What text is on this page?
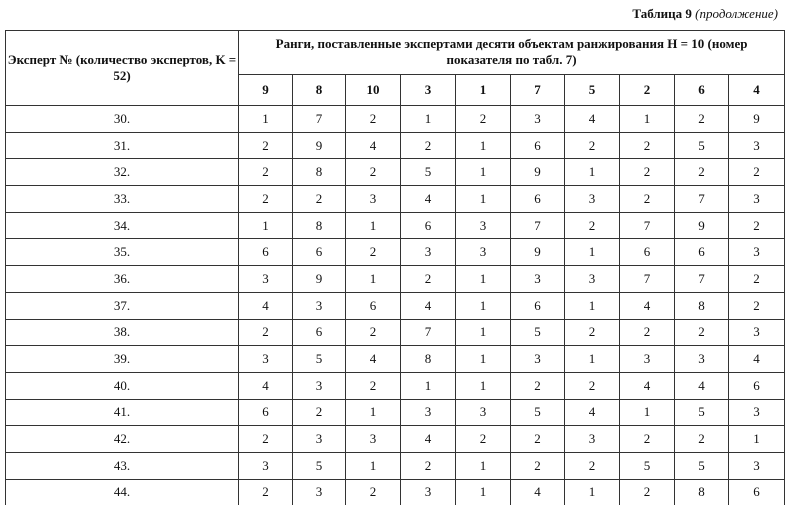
Таблица 9 (продолжение)
Эксперт № (количество экспертов, K = 52)	Ранги, поставленные экспертами десяти объектам ранжирования H = 10 (номер показателя по табл. 7)									
	9	8	10	3	1	7	5	2	6	4
30.	1	7	2	1	2	3	4	1	2	9
31.	2	9	4	2	1	6	2	2	5	3
32.	2	8	2	5	1	9	1	2	2	2
33.	2	2	3	4	1	6	3	2	7	3
34.	1	8	1	6	3	7	2	7	9	2
35.	6	6	2	3	3	9	1	6	6	3
36.	3	9	1	2	1	3	3	7	7	2
37.	4	3	6	4	1	6	1	4	8	2
38.	2	6	2	7	1	5	2	2	2	3
39.	3	5	4	8	1	3	1	3	3	4
40.	4	3	2	1	1	2	2	4	4	6
41.	6	2	1	3	3	5	4	1	5	3
42.	2	3	3	4	2	2	3	2	2	1
43.	3	5	1	2	1	2	2	5	5	3
44.	2	3	2	3	1	4	1	2	8	6
